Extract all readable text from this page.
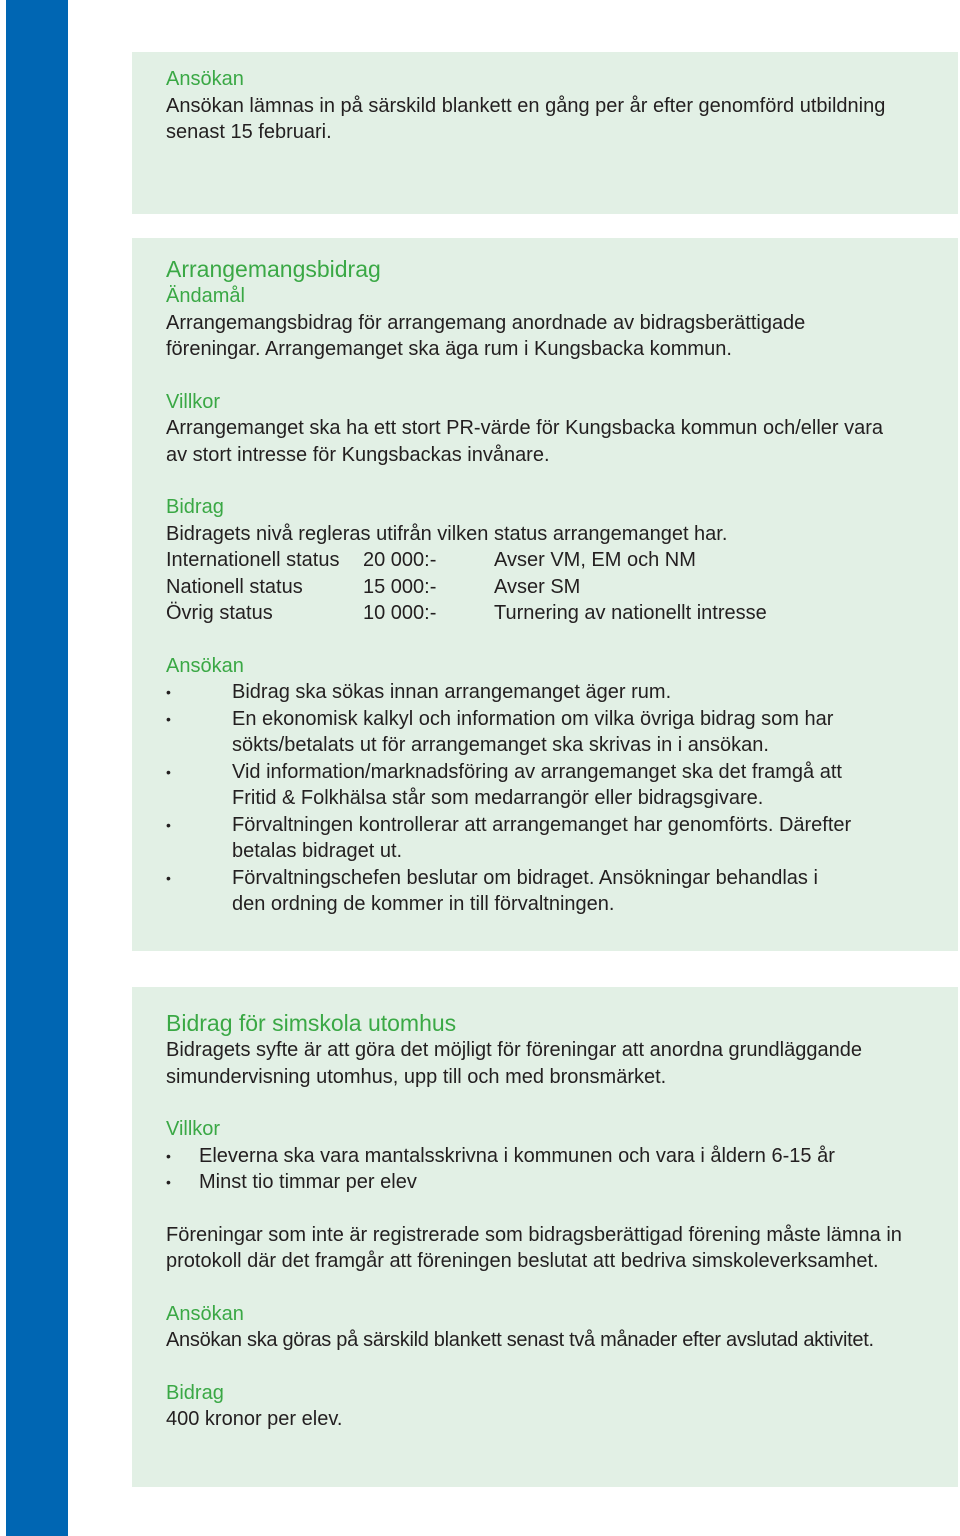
Ansökan

Ansökan lämnas in på särskild blankett en gång per år efter genomförd utbildning senast 15 februari.

Arrangemangsbidrag

Ändamål

Arrangemangsbidrag för arrangemang anordnade av bidragsberättigade föreningar. Arrangemanget ska äga rum i Kungsbacka kommun.

Villkor

Arrangemanget ska ha ett stort PR-värde för Kungsbacka kommun och/eller vara av stort intresse för Kungsbackas invånare.

Bidrag

Bidragets nivå regleras utifrån vilken status arrangemanget har.

Internationell status	20 000:-	Avser VM, EM och NM
Nationell status	15 000:-	Avser SM
Övrig status	10 000:-	Turnering av nationellt intresse

Ansökan

•	Bidrag ska sökas innan arrangemanget äger rum.
•	En ekonomisk kalkyl och information om vilka övriga bidrag som har sökts/betalats ut för arrangemanget ska skrivas in i ansökan.
•	Vid information/marknadsföring av arrangemanget ska det framgå att Fritid & Folkhälsa står som medarrangör eller bidragsgivare.
•	Förvaltningen kontrollerar att arrangemanget har genomförts. Därefter betalas bidraget ut.
•	Förvaltningschefen beslutar om bidraget. Ansökningar behandlas i den ordning de kommer in till förvaltningen.

Bidrag för simskola utomhus

Bidragets syfte är att göra det möjligt för föreningar att anordna grundläggande simundervisning utomhus, upp till och med bronsmärket.

Villkor

• Eleverna ska vara mantalsskrivna i kommunen och vara i åldern 6-15 år
• Minst tio timmar per elev

Föreningar som inte är registrerade som bidragsberättigad förening måste lämna in protokoll där det framgår att föreningen beslutat att bedriva simskoleverksamhet.

Ansökan

Ansökan ska göras på särskild blankett senast två månader efter avslutad aktivitet.

Bidrag

400 kronor per elev.
